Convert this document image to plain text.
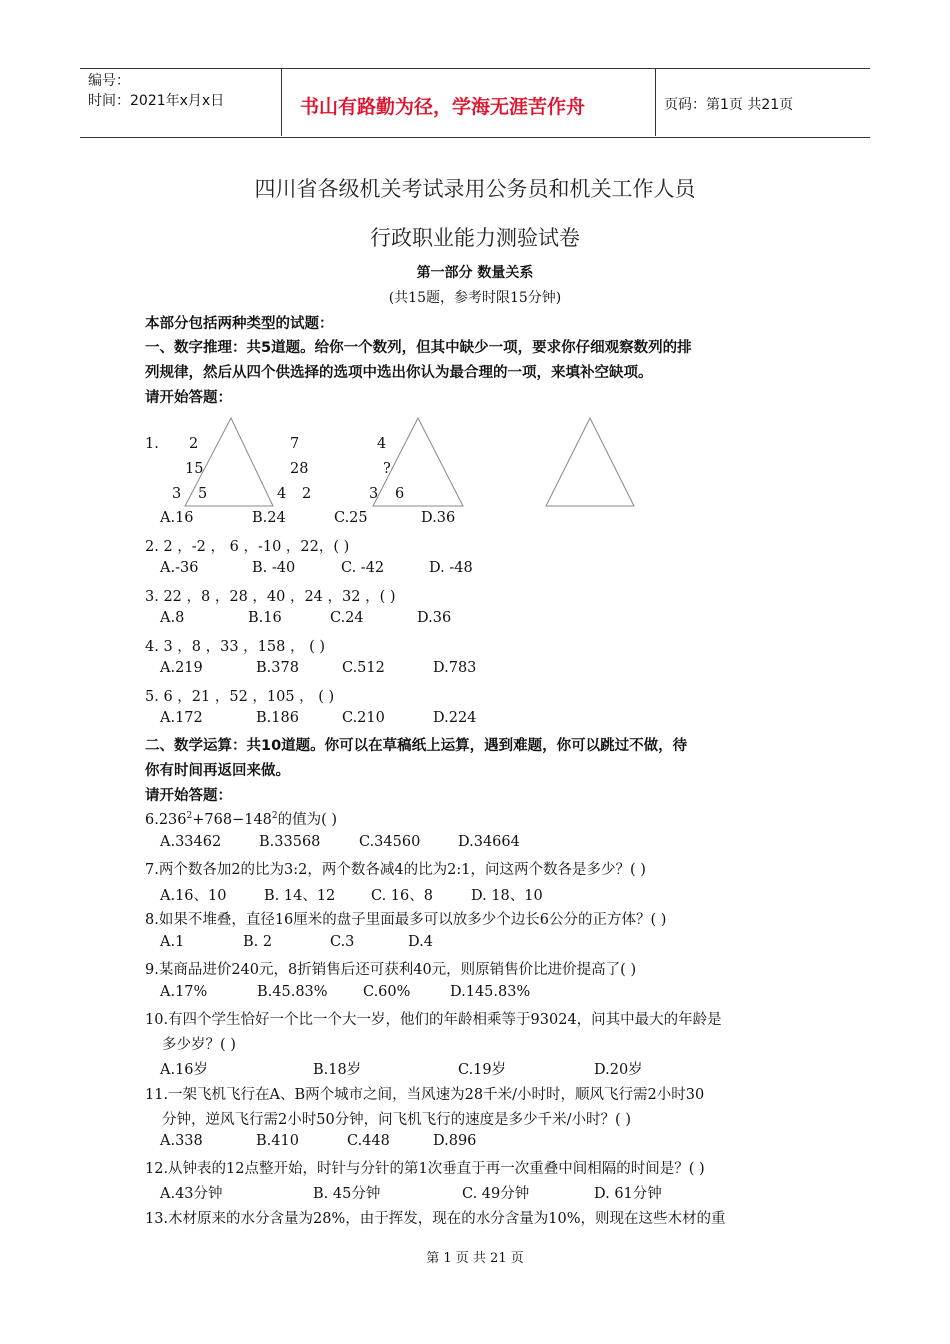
编号：
时间：2021年x月x日	书山有路勤为径，学海无涯苦作舟	页码：第1页 共21页
四川省各级机关考试录用公务员和机关工作人员
行政职业能力测验试卷
第一部分 数量关系
(共15题，参考时限15分钟)
本部分包括两种类型的试题：
一、数字推理：共5道题。给你一个数列，但其中缺少一项，要求你仔细观察数列的排
列规律，然后从四个供选择的选项中选出你认为最合理的一项，来填补空缺项。
请开始答题：
1. 2
15
3 5
7
28
4 2
4
?
3 6
A.16	B.24	C.25	D.36
2. 2 ，-2 ， 6 ，-10 ，22，( )
A.-36	B. -40	C. -42	D. -48
3. 22 ，8 ，28 ，40 ，24 ，32 ，( )
A.8	B.16	C.24	D.36
4. 3 ，8 ，33 ，158 ， ( )
A.219	B.378	C.512	D.783
5. 6 ，21 ，52 ，105 ， ( )
A.172	B.186	C.210	D.224
二、数学运算：共10道题。你可以在草稿纸上运算，遇到难题，你可以跳过不做，待
你有时间再返回来做。
请开始答题：
$6.236^2+768-148^2$的值为( )
A.33462	B.33568	C.34560	D.34664
7.两个数各加2的比为3:2，两个数各减4的比为2:1，问这两个数各是多少？( )
A.16、10	B. 14、12 C. 16、8	D. 18、10
8.如果不堆叠，直径16厘米的盘子里面最多可以放多少个边长6公分的正方体？( )
A.1	B. 2	C.3	D.4
9.某商品进价240元，8折销售后还可获利40元，则原销售价比进价提高了( )
A.17%	B.45.83% C.60%	D.145.83%
10.有四个学生恰好一个比一个大一岁，他们的年龄相乘等于93024，问其中最大的年龄是
多少岁？( )
A.16岁	B.18岁	C.19岁	D.20岁
11.一架飞机飞行在A、B两个城市之间，当风速为28千米/小时时，顺风飞行需2小时30
分钟，逆风飞行需2小时50分钟，问飞机飞行的速度是多少千米/小时？( )
A.338	B.410	C.448	D.896
12.从钟表的12点整开始，时针与分针的第1次垂直于再一次重叠中间相隔的时间是？( )
A.43分钟	B. 45分钟	C. 49分钟	D. 61分钟
13.木材原来的水分含量为28%，由于挥发，现在的水分含量为10%，则现在这些木材的重
第 1 页 共 21 页
